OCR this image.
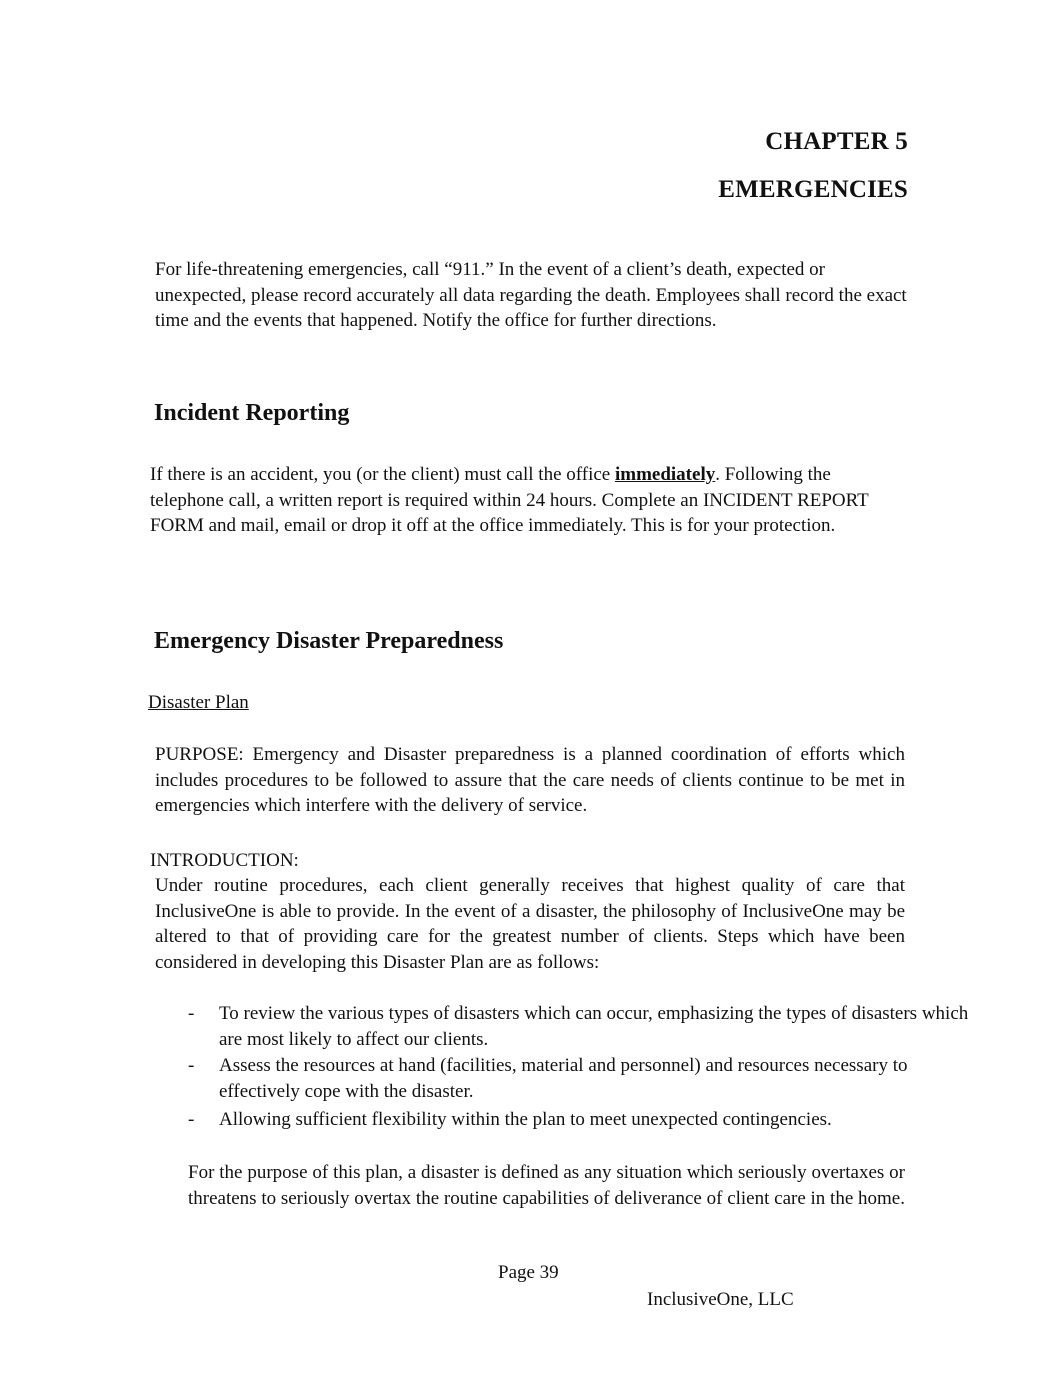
CHAPTER 5
EMERGENCIES
For life-threatening emergencies, call “911.” In the event of a client’s death, expected or unexpected, please record accurately all data regarding the death. Employees shall record the exact time and the events that happened. Notify the office for further directions.
Incident Reporting
If there is an accident, you (or the client) must call the office immediately. Following the telephone call, a written report is required within 24 hours. Complete an INCIDENT REPORT FORM and mail, email or drop it off at the office immediately. This is for your protection.
Emergency Disaster Preparedness
Disaster Plan
PURPOSE: Emergency and Disaster preparedness is a planned coordination of efforts which includes procedures to be followed to assure that the care needs of clients continue to be met in emergencies which interfere with the delivery of service.
INTRODUCTION:
Under routine procedures, each client generally receives that highest quality of care that InclusiveOne is able to provide. In the event of a disaster, the philosophy of InclusiveOne may be altered to that of providing care for the greatest number of clients. Steps which have been considered in developing this Disaster Plan are as follows:
- To review the various types of disasters which can occur, emphasizing the types of disasters which are most likely to affect our clients.
- Assess the resources at hand (facilities, material and personnel) and resources necessary to effectively cope with the disaster.
- Allowing sufficient flexibility within the plan to meet unexpected contingencies.
For the purpose of this plan, a disaster is defined as any situation which seriously overtaxes or threatens to seriously overtax the routine capabilities of deliverance of client care in the home.
Page 39
InclusiveOne, LLC
